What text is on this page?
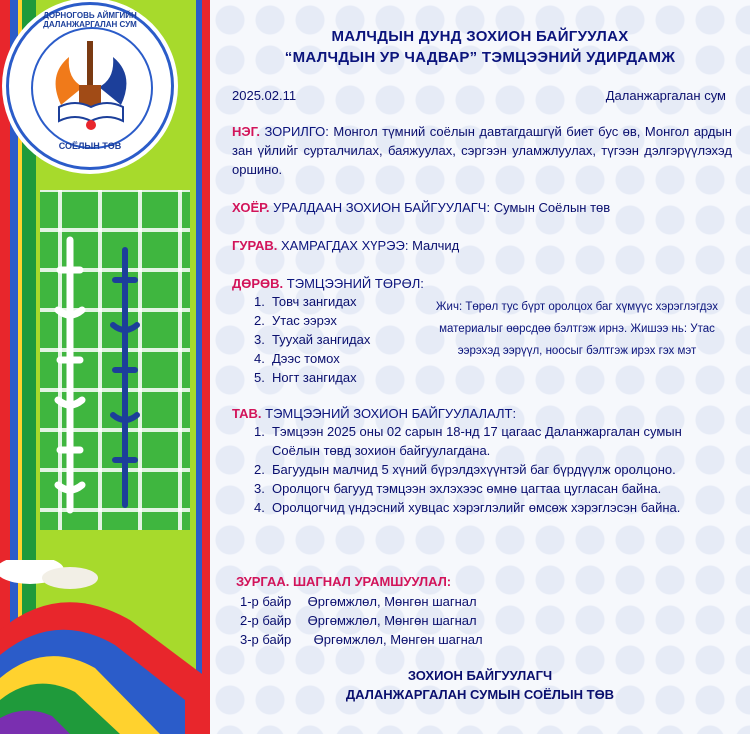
ДОРНОГОВЬ АЙМГИЙН ДАЛАНЖАРГАЛАН СУМ
СОЁЛЫН ТӨВ
МАЛЧДЫН ДУНД ЗОХИОН БАЙГУУЛАХ
“МАЛЧДЫН УР ЧАДВАР” ТЭМЦЭЭНИЙ УДИРДАМЖ
2025.02.11	Даланжаргалан сум
НЭГ. ЗОРИЛГО: Монгол түмний соёлын давтагдашгүй биет бус өв, Монгол ардын зан үйлийг сурталчилах, баяжуулах, сэргээн уламжлуулах, түгээн дэлгэрүүлэхэд оршино.
ХОЁР. УРАЛДААН ЗОХИОН БАЙГУУЛАГЧ: Сумын Соёлын төв
ГУРАВ. ХАМРАГДАХ ХҮРЭЭ: Малчид
ДӨРӨВ. ТЭМЦЭЭНИЙ ТӨРӨЛ:
1. Товч зангидах
2. Утас ээрэх
3. Туухай зангидах
4. Дээс томох
5. Ногт зангидах
Жич: Төрөл тус бүрт оролцох баг хүмүүс хэрэглэгдэх материалыг өөрсдөө бэлтгэж ирнэ. Жишээ нь: Утас ээрэхэд ээрүүл, ноосыг бэлтгэж ирэх гэх мэт
ТАВ. ТЭМЦЭЭНИЙ ЗОХИОН БАЙГУУЛАЛАЛТ:
1. Тэмцээн 2025 оны 02 сарын 18-нд 17 цагаас Даланжаргалан сумын Соёлын төвд зохион байгуулагдана.
2. Багуудын малчид 5 хүний бүрэлдэхүүнтэй баг бүрдүүлж оролцоно.
3. Оролцогч багууд тэмцээн эхлэхээс өмнө цагтаа цугласан байна.
4. Оролцогчид үндэсний хувцас хэрэглэлийг өмсөж хэрэглэсэн байна.
ЗУРГАА. ШАГНАЛ УРАМШУУЛАЛ:
1-р байр Өргөмжлөл, Мөнгөн шагнал
2-р байр Өргөмжлөл, Мөнгөн шагнал
3-р байр Өргөмжлөл, Мөнгөн шагнал
ЗОХИОН БАЙГУУЛАГЧ
ДАЛАНЖАРГАЛАН СУМЫН СОЁЛЫН ТӨВ
